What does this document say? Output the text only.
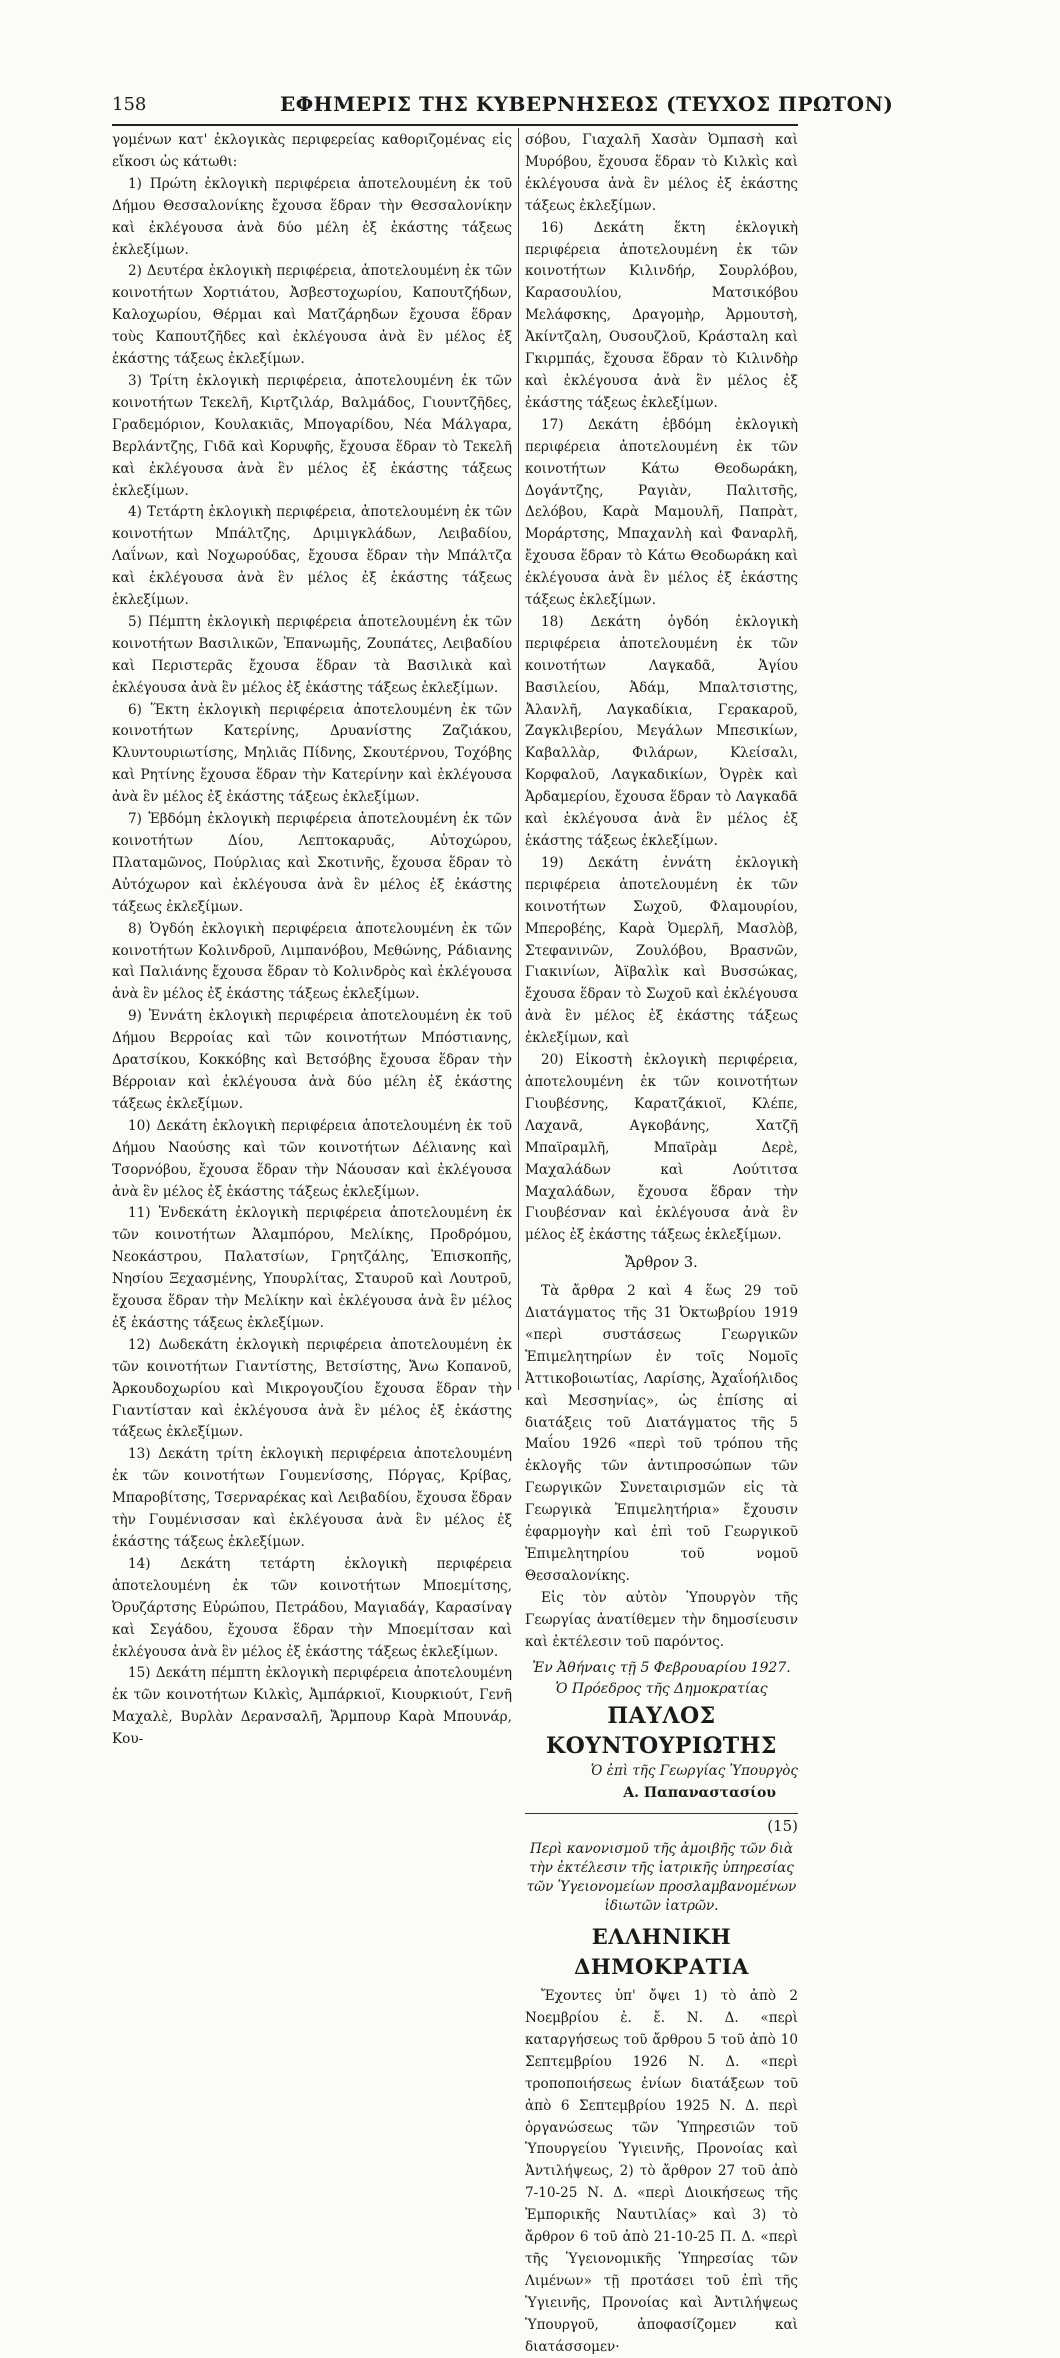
158	ΕΦΗΜΕΡΙΣ ΤΗΣ ΚΥΒΕΡΝΗΣΕΩΣ (ΤΕΥΧΟΣ ΠΡΩΤΟΝ)

γομένων κατ' ἐκλογικὰς περιφερείας καθοριζομένας εἰς εἴκοσι ὡς κάτωθι:

1) Πρώτη ἐκλογικὴ περιφέρεια ἀποτελουμένη ἐκ τοῦ Δήμου Θεσσαλονίκης ἔχουσα ἕδραν τὴν Θεσσαλονίκην καὶ ἐκλέγουσα ἀνὰ δύο μέλη ἐξ ἑκάστης τάξεως ἐκλεξίμων.

2) Δευτέρα ἐκλογικὴ περιφέρεια, ἀποτελουμένη ἐκ τῶν κοινοτήτων Χορτιάτου, Ἀσβεστοχωρίου, Καπουτζήδων, Καλοχωρίου, Θέρμαι καὶ Ματζάρηδων ἔχουσα ἕδραν τοὺς Καπουτζῆδες καὶ ἐκλέγουσα ἀνὰ ἓν μέλος ἐξ ἑκάστης τάξεως ἐκλεξίμων.

3) Τρίτη ἐκλογικὴ περιφέρεια, ἀποτελουμένη ἐκ τῶν κοινοτήτων Τεκελῆ, Κιρτζιλάρ, Βαλμάδος, Γιουντζῆδες, Γραδεμόριον, Κουλακιᾶς, Μπογαρίδου, Νέα Μάλγαρα, Βερλάντζης, Γιδᾶ καὶ Κορυφῆς, ἔχουσα ἕδραν τὸ Τεκελῆ καὶ ἐκλέγουσα ἀνὰ ἓν μέλος ἐξ ἑκάστης τάξεως ἐκλεξίμων.

4) Τετάρτη ἐκλογικὴ περιφέρεια, ἀποτελουμένη ἐκ τῶν κοινοτήτων Μπάλτζης, Δριμιγκλάδων, Λειβαδίου, Λαΐνων, καὶ Νοχωρούδας, ἔχουσα ἕδραν τὴν Μπάλτζα καὶ ἐκλέγουσα ἀνὰ ἓν μέλος ἐξ ἑκάστης τάξεως ἐκλεξίμων.

5) Πέμπτη ἐκλογικὴ περιφέρεια ἀποτελουμένη ἐκ τῶν κοινοτήτων Βασιλικῶν, Ἐπανωμῆς, Ζουπάτες, Λειβαδίου καὶ Περιστερᾶς ἔχουσα ἕδραν τὰ Βασιλικὰ καὶ ἐκλέγουσα ἀνὰ ἓν μέλος ἐξ ἑκάστης τάξεως ἐκλεξίμων.

6) Ἕκτη ἐκλογικὴ περιφέρεια ἀποτελουμένη ἐκ τῶν κοινοτήτων Κατερίνης, Δρυανίστης Ζαζιάκου, Κλυντουριωτίσης, Μηλιᾶς Πίδνης, Σκουτέρνου, Τοχόβης καὶ Ρητίνης ἔχουσα ἕδραν τὴν Κατερίνην καὶ ἐκλέγουσα ἀνὰ ἓν μέλος ἐξ ἑκάστης τάξεως ἐκλεξίμων.

7) Ἑβδόμη ἐκλογικὴ περιφέρεια ἀποτελουμένη ἐκ τῶν κοινοτήτων Δίου, Λεπτοκαρυᾶς, Αὐτοχώρου, Πλαταμῶνος, Πούρλιας καὶ Σκοτινῆς, ἔχουσα ἕδραν τὸ Αὐτόχωρον καὶ ἐκλέγουσα ἀνὰ ἓν μέλος ἐξ ἑκάστης τάξεως ἐκλεξίμων.

8) Ὀγδόη ἐκλογικὴ περιφέρεια ἀποτελουμένη ἐκ τῶν κοινοτήτων Κολινδροῦ, Λιμπανόβου, Μεθώνης, Ράδιανης καὶ Παλιάνης ἔχουσα ἕδραν τὸ Κολινδρὸς καὶ ἐκλέγουσα ἀνὰ ἓν μέλος ἐξ ἑκάστης τάξεως ἐκλεξίμων.

9) Ἐννάτη ἐκλογικὴ περιφέρεια ἀποτελουμένη ἐκ τοῦ Δήμου Βερροίας καὶ τῶν κοινοτήτων Μπόστιανης, Δρατσίκου, Κοκκόβης καὶ Βετσόβης ἔχουσα ἕδραν τὴν Βέρροιαν καὶ ἐκλέγουσα ἀνὰ δύο μέλη ἐξ ἑκάστης τάξεως ἐκλεξίμων.

10) Δεκάτη ἐκλογικὴ περιφέρεια ἀποτελουμένη ἐκ τοῦ Δήμου Ναούσης καὶ τῶν κοινοτήτων Δέλιανης καὶ Τσορνόβου, ἔχουσα ἕδραν τὴν Νάουσαν καὶ ἐκλέγουσα ἀνὰ ἓν μέλος ἐξ ἑκάστης τάξεως ἐκλεξίμων.

11) Ἑνδεκάτη ἐκλογικὴ περιφέρεια ἀποτελουμένη ἐκ τῶν κοινοτήτων Ἀλαμπόρου, Μελίκης, Προδρόμου, Νεοκάστρου, Παλατσίων, Γρητζάλης, Ἐπισκοπῆς, Νησίου Ξεχασμένης, Υπουρλίτας, Σταυροῦ καὶ Λουτροῦ, ἔχουσα ἕδραν τὴν Μελίκην καὶ ἐκλέγουσα ἀνὰ ἓν μέλος ἐξ ἑκάστης τάξεως ἐκλεξίμων.

12) Δωδεκάτη ἐκλογικὴ περιφέρεια ἀποτελουμένη ἐκ τῶν κοινοτήτων Γιαντίστης, Βετσίστης, Ἄνω Κοπανοῦ, Ἀρκουδοχωρίου καὶ Μικρογουζίου ἔχουσα ἕδραν τὴν Γιαντίσταν καὶ ἐκλέγουσα ἀνὰ ἓν μέλος ἐξ ἑκάστης τάξεως ἐκλεξίμων.

13) Δεκάτη τρίτη ἐκλογικὴ περιφέρεια ἀποτελουμένη ἐκ τῶν κοινοτήτων Γουμενίσσης, Πόργας, Κρίβας, Μπαροβίτσης, Τσερναρέκας καὶ Λειβαδίου, ἔχουσα ἕδραν τὴν Γουμένισσαν καὶ ἐκλέγουσα ἀνὰ ἓν μέλος ἐξ ἑκάστης τάξεως ἐκλεξίμων.

14) Δεκάτη τετάρτη ἐκλογικὴ περιφέρεια ἀποτελουμένη ἐκ τῶν κοινοτήτων Μποεμίτσης, Ὀρυζάρτσης Εὐρώπου, Πετράδου, Μαγιαδάγ, Καρασίναγ καὶ Σεγάδου, ἔχουσα ἕδραν τὴν Μποεμίτσαν καὶ ἐκλέγουσα ἀνὰ ἓν μέλος ἐξ ἑκάστης τάξεως ἐκλεξίμων.

15) Δεκάτη πέμπτη ἐκλογικὴ περιφέρεια ἀποτελουμένη ἐκ τῶν κοινοτήτων Κιλκὶς, Ἀμπάρκιοϊ, Κιουρκιούτ, Γενῆ Μαχαλὲ, Βυρλὰν Δερανσαλῆ, Ἄρμπουρ Καρὰ Μπουνάρ, Κου-

σόβου, Γιαχαλῆ Χασὰν Ὀμπασὴ καὶ Μυρόβου, ἔχουσα ἕδραν τὸ Κιλκὶς καὶ ἐκλέγουσα ἀνὰ ἓν μέλος ἐξ ἑκάστης τάξεως ἐκλεξίμων.

16) Δεκάτη ἕκτη ἐκλογικὴ περιφέρεια ἀποτελουμένη ἐκ τῶν κοινοτήτων Κιλινδήρ, Σουρλόβου, Καρασουλίου, Ματσικόβου Μελάφσκης, Δραγομὴρ, Ἀρμουτσὴ, Ἀκίντζαλη, Ουσουζλοῦ, Κράσταλη καὶ Γκιρμπάς, ἔχουσα ἕδραν τὸ Κιλινδὴρ καὶ ἐκλέγουσα ἀνὰ ἓν μέλος ἐξ ἑκάστης τάξεως ἐκλεξίμων.

17) Δεκάτη ἑβδόμη ἐκλογικὴ περιφέρεια ἀποτελουμένη ἐκ τῶν κοινοτήτων Κάτω Θεοδωράκη, Δογάντζης, Ραγιὰν, Παλιτσῆς, Δελόβου, Καρὰ Μαμουλῆ, Παπρὰτ, Μοράρτσης, Μπαχανλὴ καὶ Φαναρλῆ, ἔχουσα ἕδραν τὸ Κάτω Θεοδωράκη καὶ ἐκλέγουσα ἀνὰ ἓν μέλος ἐξ ἑκάστης τάξεως ἐκλεξίμων.

18) Δεκάτη ὀγδόη ἐκλογικὴ περιφέρεια ἀποτελουμένη ἐκ τῶν κοινοτήτων Λαγκαδᾶ, Ἁγίου Βασιλείου, Ἀδάμ, Μπαλτσιστης, Ἀλανλῆ, Λαγκαδίκια, Γερακαροῦ, Ζαγκλιβερίου, Μεγάλων Μπεσικίων, Καβαλλὰρ, Φιλάρων, Κλείσαλι, Κορφαλοῦ, Λαγκαδικίων, Ὀγρὲκ καὶ Ἀρδαμερίου, ἔχουσα ἕδραν τὸ Λαγκαδᾶ καὶ ἐκλέγουσα ἀνὰ ἓν μέλος ἐξ ἑκάστης τάξεως ἐκλεξίμων.

19) Δεκάτη ἐννάτη ἐκλογικὴ περιφέρεια ἀποτελουμένη ἐκ τῶν κοινοτήτων Σωχοῦ, Φλαμουρίου, Μπεροβέης, Καρὰ Ὀμερλῆ, Μασλὸβ, Στεφανινῶν, Ζουλόβου, Βρασνῶν, Γιακινίων, Ἀϊβαλὶκ καὶ Βυσσώκας, ἔχουσα ἕδραν τὸ Σωχοῦ καὶ ἐκλέγουσα ἀνὰ ἓν μέλος ἐξ ἑκάστης τάξεως ἐκλεξίμων, καὶ

20) Εἰκοστὴ ἐκλογικὴ περιφέρεια, ἀποτελουμένη ἐκ τῶν κοινοτήτων Γιουβέσνης, Καρατζάκιοϊ, Κλέπε, Λαχανᾶ, Αγκοβάνης, Χατζῆ Μπαϊραμλῆ, Μπαϊρὰμ Δερὲ, Μαχαλάδων καὶ Λούτιτσα Μαχαλάδων, ἔχουσα ἕδραν τὴν Γιουβέσναν καὶ ἐκλέγουσα ἀνὰ ἓν μέλος ἐξ ἑκάστης τάξεως ἐκλεξίμων.

Ἄρθρον 3.

Τὰ ἄρθρα 2 καὶ 4 ἕως 29 τοῦ Διατάγματος τῆς 31 Ὀκτωβρίου 1919 «περὶ συστάσεως Γεωργικῶν Ἐπιμελητηρίων ἐν τοῖς Νομοῖς Ἀττικοβοιωτίας, Λαρίσης, Ἀχαΐοήλιδος καὶ Μεσσηνίας», ὡς ἐπίσης αἱ διατάξεις τοῦ Διατάγματος τῆς 5 Μαΐου 1926 «περὶ τοῦ τρόπου τῆς ἐκλογῆς τῶν ἀντιπροσώπων τῶν Γεωργικῶν Συνεταιρισμῶν εἰς τὰ Γεωργικὰ Ἐπιμελητήρια» ἔχουσιν ἐφαρμογὴν καὶ ἐπὶ τοῦ Γεωργικοῦ Ἐπιμελητηρίου τοῦ νομοῦ Θεσσαλονίκης.

Εἰς τὸν αὐτὸν Ὑπουργὸν τῆς Γεωργίας ἀνατίθεμεν τὴν δημοσίευσιν καὶ ἐκτέλεσιν τοῦ παρόντος.

Ἐν Ἀθήναις τῇ 5 Φεβρουαρίου 1927.

Ὁ Πρόεδρος τῆς Δημοκρατίας

ΠΑΥΛΟΣ ΚΟΥΝΤΟΥΡΙΩΤΗΣ

Ὁ ἐπὶ τῆς Γεωργίας Ὑπουργὸς

Α. Παπαναστασίου

(15)

Περὶ κανονισμοῦ τῆς ἀμοιβῆς τῶν διὰ τὴν ἐκτέλεσιν τῆς ἰατρικῆς ὑπηρεσίας τῶν Ὑγειονομείων προσλαμβανομένων ἰδιωτῶν ἰατρῶν.

ΕΛΛΗΝΙΚΗ ΔΗΜΟΚΡΑΤΙΑ

Ἔχοντες ὑπ' ὄψει 1) τὸ ἀπὸ 2 Νοεμβρίου ἐ. ἔ. Ν. Δ. «περὶ καταργήσεως τοῦ ἄρθρου 5 τοῦ ἀπὸ 10 Σεπτεμβρίου 1926 Ν. Δ. «περὶ τροποποιήσεως ἐνίων διατάξεων τοῦ ἀπὸ 6 Σεπτεμβρίου 1925 Ν. Δ. περὶ ὀργανώσεως τῶν Ὑπηρεσιῶν τοῦ Ὑπουργείου Ὑγιεινῆς, Προνοίας καὶ Ἀντιλήψεως, 2) τὸ ἄρθρον 27 τοῦ ἀπὸ 7-10-25 Ν. Δ. «περὶ Διοικήσεως τῆς Ἐμπορικῆς Ναυτιλίας» καὶ 3) τὸ ἄρθρον 6 τοῦ ἀπὸ 21-10-25 Π. Δ. «περὶ τῆς Ὑγειονομικῆς Ὑπηρεσίας τῶν Λιμένων» τῇ προτάσει τοῦ ἐπὶ τῆς Ὑγιεινῆς, Προνοίας καὶ Ἀντιλήψεως Ὑπουργοῦ, ἀποφασίζομεν καὶ διατάσσομεν·
